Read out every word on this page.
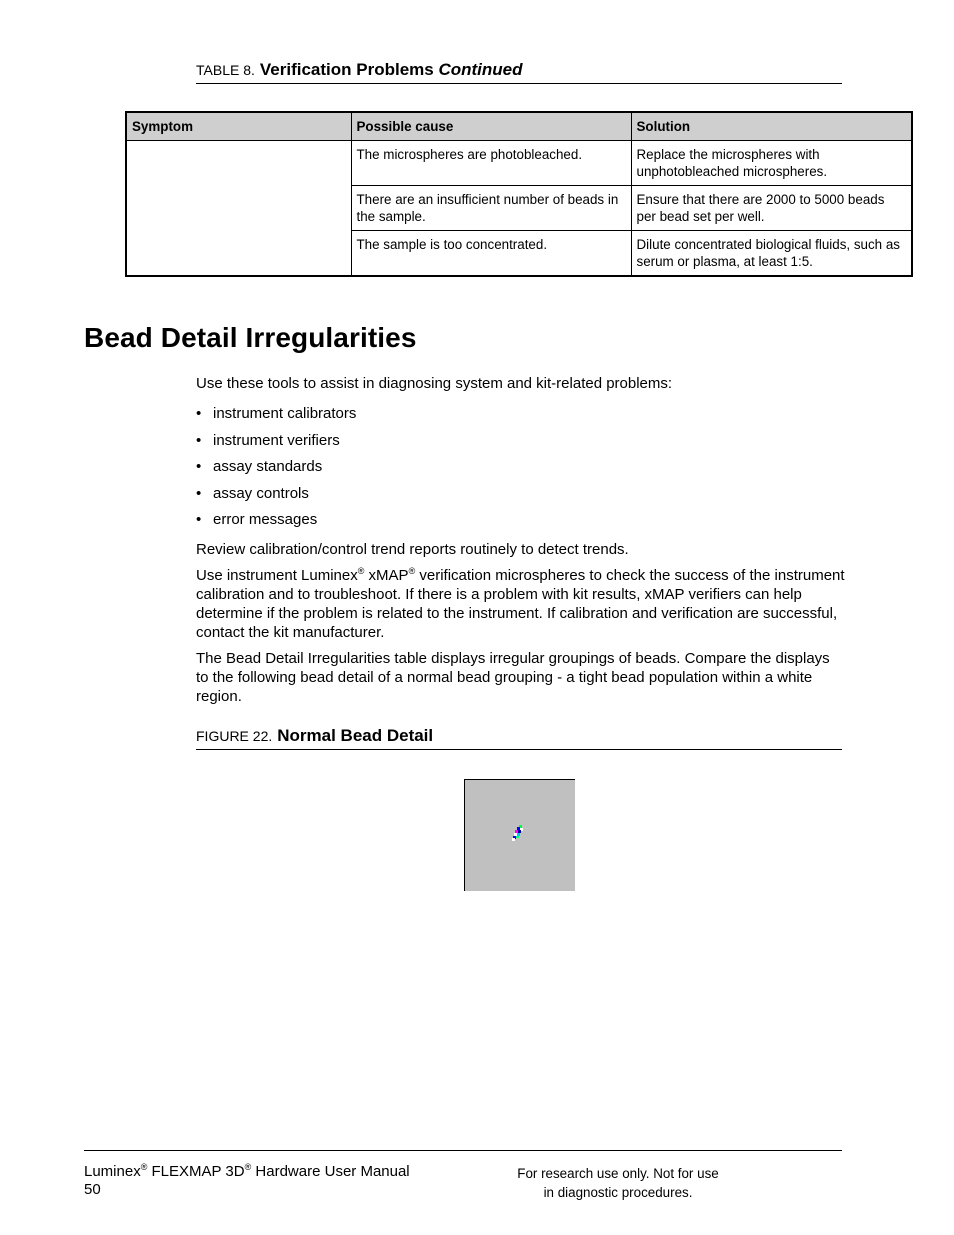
TABLE 8. Verification Problems Continued
Symptom	Possible cause	Solution
	The microspheres are photobleached.	Replace the microspheres with unphotobleached microspheres.
	There are an insufficient number of beads in the sample.	Ensure that there are 2000 to 5000 beads per bead set per well.
	The sample is too concentrated.	Dilute concentrated biological fluids, such as serum or plasma, at least 1:5.
Bead Detail Irregularities

Use these tools to assist in diagnosing system and kit-related problems:

• instrument calibrators
• instrument verifiers
• assay standards
• assay controls
• error messages

Review calibration/control trend reports routinely to detect trends.

Use instrument Luminex® xMAP® verification microspheres to check the success of the instrument calibration and to troubleshoot. If there is a problem with kit results, xMAP verifiers can help determine if the problem is related to the instrument. If calibration and verification are successful, contact the kit manufacturer.

The Bead Detail Irregularities table displays irregular groupings of beads. Compare the displays to the following bead detail of a normal bead grouping - a tight bead population within a white region.

FIGURE 22. Normal Bead Detail
Luminex® FLEXMAP 3D® Hardware User Manual
50
For research use only. Not for use
in diagnostic procedures.
